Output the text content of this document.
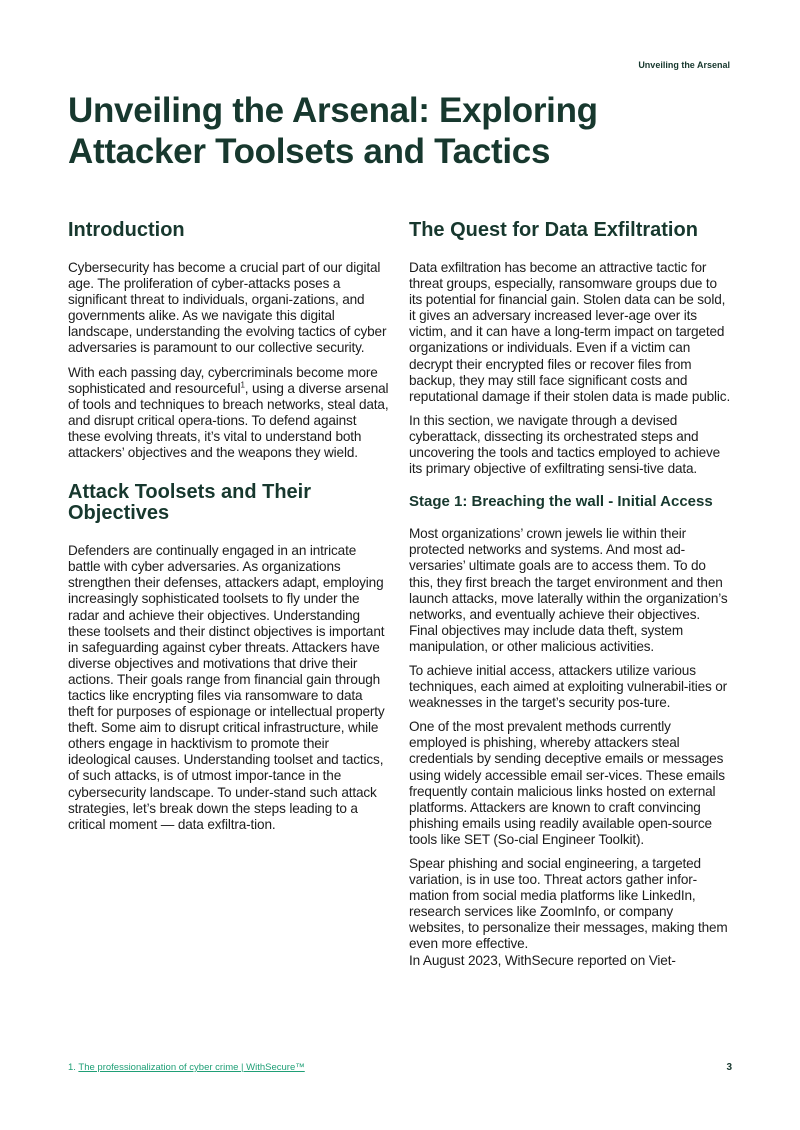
Unveiling the Arsenal
Unveiling the Arsenal: Exploring Attacker Toolsets and Tactics
Introduction

Cybersecurity has become a crucial part of our digital age. The proliferation of cyber-attacks poses a significant threat to individuals, organi-zations, and governments alike. As we navigate this digital landscape, understanding the evolving tactics of cyber adversaries is paramount to our collective security.

With each passing day, cybercriminals become more sophisticated and resourceful$^1$, using a diverse arsenal of tools and techniques to breach networks, steal data, and disrupt critical opera-tions. To defend against these evolving threats, it’s vital to understand both attackers’ objectives and the weapons they wield.

Attack Toolsets and Their Objectives

Defenders are continually engaged in an intricate battle with cyber adversaries. As organizations strengthen their defenses, attackers adapt, employing increasingly sophisticated toolsets to fly under the radar and achieve their objectives. Understanding these toolsets and their distinct objectives is important in safeguarding against cyber threats. Attackers have diverse objectives and motivations that drive their actions. Their goals range from financial gain through tactics like encrypting files via ransomware to data theft for purposes of espionage or intellectual property theft. Some aim to disrupt critical infrastructure, while others engage in hacktivism to promote their ideological causes. Understanding toolset and tactics, of such attacks, is of utmost impor-tance in the cybersecurity landscape. To under-stand such attack strategies, let’s break down the steps leading to a critical moment — data exfiltra-tion.

The Quest for Data Exfiltration

Data exfiltration has become an attractive tactic for threat groups, especially, ransomware groups due to its potential for financial gain. Stolen data can be sold, it gives an adversary increased lever-age over its victim, and it can have a long-term impact on targeted organizations or individuals. Even if a victim can decrypt their encrypted files or recover files from backup, they may still face significant costs and reputational damage if their stolen data is made public.

In this section, we navigate through a devised cyberattack, dissecting its orchestrated steps and uncovering the tools and tactics employed to achieve its primary objective of exfiltrating sensi-tive data.

Stage 1: Breaching the wall - Initial Access

Most organizations’ crown jewels lie within their protected networks and systems. And most ad-versaries’ ultimate goals are to access them. To do this, they first breach the target environment and then launch attacks, move laterally within the organization’s networks, and eventually achieve their objectives. Final objectives may include data theft, system manipulation, or other malicious activities.

To achieve initial access, attackers utilize various techniques, each aimed at exploiting vulnerabil-ities or weaknesses in the target’s security pos-ture.

One of the most prevalent methods currently employed is phishing, whereby attackers steal credentials by sending deceptive emails or messages using widely accessible email ser-vices. These emails frequently contain malicious links hosted on external platforms. Attackers are known to craft convincing phishing emails using readily available open-source tools like SET (So-cial Engineer Toolkit).

Spear phishing and social engineering, a targeted variation, is in use too. Threat actors gather infor-mation from social media platforms like LinkedIn, research services like ZoomInfo, or company websites, to personalize their messages, making them even more effective.

In August 2023, WithSecure reported on Viet-

1. The professionalization of cyber crime | WithSecure™	3
